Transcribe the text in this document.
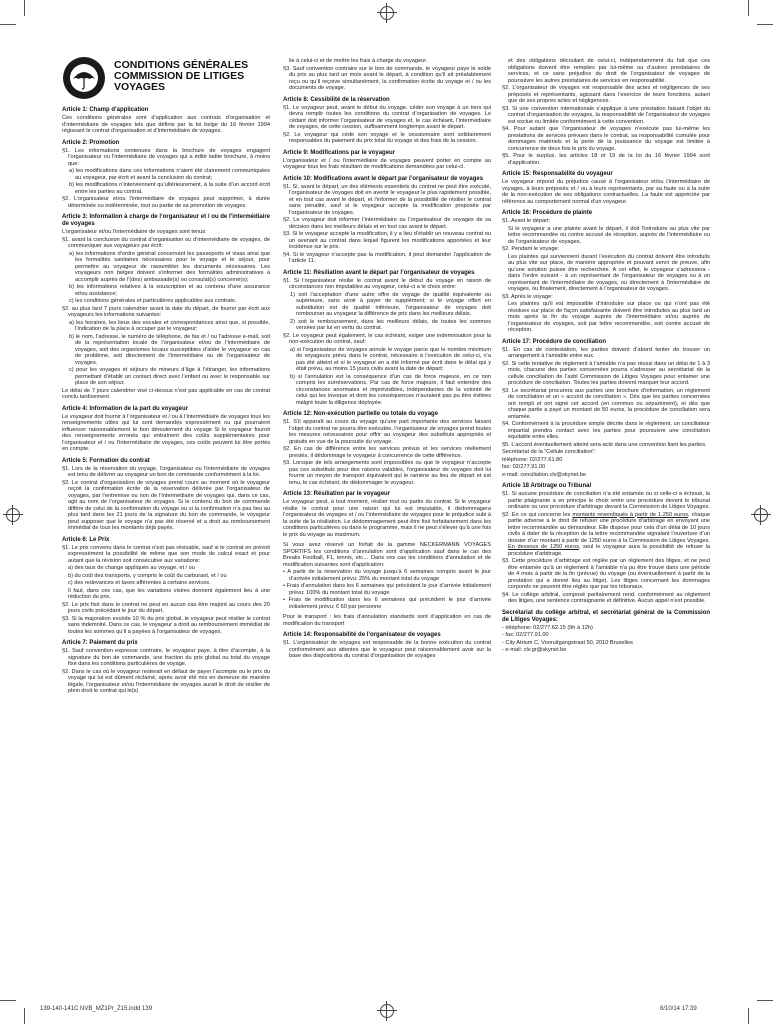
CONDITIONS GÉNÉRALES
COMMISSION DE LITIGES
VOYAGES
Article 1: Champ d’application

Ces conditions générales sont d’application aux contrats d’organisation et d’intermédiaire de voyages tels que définis par la loi belge du 16 février 1994 régissant le contrat d’organisation et d’intermédiaire de voyages.

Article 2: Promotion

§1. Les informations contenues dans la brochure de voyages engagent l’organisateur ou l’intermédiaire de voyages qui a édité ladite brochure, à moins que:

a) les modifications dans ces informations n’aient été clairement communiquées au voyageur, par écrit et avant la conclusion du contrat;

b) les modifications n’interviennent qu’ultérieurement, à la suite d’un accord écrit entre les parties au contrat.

§2. L’organisateur et/ou l’intermédiaire de voyages peut supprimer, à durée déterminée ou indéterminée, tout ou partie de sa promotion de voyages.

Article 3: Information à charge de l’organisateur et / ou de l’intermédiaire de voyages

L’organisateur et/ou l’intermédiaire de voyages sont tenus:

§1. avant la conclusion du contrat d’organisation ou d’intermédiaire de voyages, de communiquer aux voyageurs par écrit:

a) les informations d’ordre général concernant les passeports et visas ainsi que les formalités sanitaires nécessaires pour le voyage et le séjour, pour permettre au voyageur de rassembler les documents nécessaires. Les voyageurs non belges doivent s’informer des formalités administratives à accomplir auprès de l’(des) ambassade(s) ou consulat(s) concerné(s);

b) les informations relatives à la souscription et au contenu d’une assurance et/ou assistance;

c) les conditions générales et particulières applicables aux contrats.

§2. au plus tard 7 jours calendrier avant la date du départ, de fournir par écrit aux voyageurs les informations suivantes:

a) les horaires, les lieux des escales et correspondances ainsi que, si possible, l’indication de la place à occuper par le voyageur;

b) le nom, l’adresse, le numéro de téléphone, de fax et / ou l’adresse e-mail, soit de la représentation locale de l’organisateur et/ou de l’intermédiaire de voyages, soit des organismes locaux susceptibles d’aider le voyageur en cas de problème, soit directement de l’intermédiaire ou de l’organisateur de voyages.

c) pour les voyages et séjours de mineurs d’âge à l’étranger, les informations permettant d’établir un contact direct avec l’enfant ou avec le responsable sur place de son séjour.

Le délai de 7 jours calendrier visé ci-dessus n’est pas applicable en cas de contrat conclu tardivement.

Article 4: Information de la part du voyageur

Le voyageur doit fournir à l’organisateur et / ou à l’intermédiaire de voyages tous les renseignements utiles qui lui sont demandés expressément ou qui pourraient influencer raisonnablement le bon déroulement du voyage Si le voyageur fournit des renseignements erronés qui entraînent des coûts supplémentaires pour l’organisateur et / ou l’intermédiaire de voyages, ces coûts peuvent lui être portés en compte.

Article 5: Formation du contrat

§1. Lors de la réservation du voyage, l’organisateur ou l’intermédiaire de voyages est tenu de délivrer au voyageur un bon de commande conformément à la loi.

§2. Le contrat d’organisation de voyages prend cours au moment où le voyageur reçoit la confirmation écrite de la réservation délivrée par l’organisateur de voyages, par l’entremise ou non de l’intermédiaire de voyages qui, dans ce cas, agit au nom de l’organisateur de voyages. Si le contenu du bon de commande diffère de celui de la confirmation du voyage ou si la confirmation n’a pas lieu au plus tard dans les 21 jours de la signature du bon de commande, le voyageur peut supposer que le voyage n’a pas été réservé et a droit au remboursement immédiat de tous les montants déjà payés.

Article 6: Le Prix

§1. Le prix convenu dans le contrat n’est pas révisable, sauf si le contrat en prévoit expressément la possibilité de même que son mode de calcul exact et pour autant que la révision soit consécutive aux variations:

a) des taux de change appliqués au voyage, et / ou

b) du coût des transports, y compris le coût du carburant, et / ou

c) des redevances et taxes afférentes à certains services.

Il faut, dans ces cas, que les variations visées donnent également lieu à une réduction du prix.

§2. Le prix fixé dans le contrat ne peut en aucun cas être majoré au cours des 20 jours civils précédant le jour du départ.

§3. Si la majoration excède 10 % du prix global, le voyageur peut résilier le contrat sans indemnité. Dans ce cas, le voyageur a droit au remboursement immédiat de toutes les sommes qu’il a payées à l’organisateur de voyages.

Article 7: Paiement du prix

§1. Sauf convention expresse contraire, le voyageur paye, à titre d’acompte, à la signature du bon de commande, une fraction du prix global ou total du voyage fixé dans les conditions particulières de voyage.

§2. Dans le cas où le voyageur resterait en défaut de payer l’acompte ou le prix du voyage qui lui est dûment réclamé, après avoir été mis en demeure de manière légale, l’organisateur et/ou l’intermédiaire de voyages aurait le droit de résilier de plein droit le contrat qui le(s)

lie à celui-ci et de mettre les frais à charge du voyageur.

§3. Sauf convention contraire sur le bon de commande, le voyageur paye le solde du prix au plus tard un mois avant le départ, à condition qu’il ait préalablement reçu ou qu’il reçoive simultanément, la confirmation écrite du voyage et / ou les documents de voyage.

Article 8: Cessibilité de la réservation

§1. Le voyageur peut, avant le début du voyage, céder son voyage à un tiers qui devra remplir toutes les conditions du contrat d’organisation de voyages. Le cédant doit informer l’organisateur de voyages et, le cas échéant, l’intermédiaire de voyages, de cette cession, suffisamment longtemps avant le départ.

§2. Le voyageur qui cède son voyage et le cessionnaire sont solidairement responsables du paiement du prix total du voyage et des frais de la cession.

Article 9: Modifications par le voyageur

L’organisateur et / ou l’intermédiaire de voyages peuvent porter en compte au voyageur tous les frais résultant de modifications demandées par celui-ci.

Article 10: Modifications avant le départ par l’organisateur de voyages

§1. Si, avant le départ, un des éléments essentiels du contrat ne peut être exécuté, l’organisateur de voyages doit en avertir le voyageur le plus rapidement possible, et en tout cas avant le départ, et l’informer de la possibilité de résilier le contrat sans pénalité, sauf si le voyageur accepte la modification proposée par l’organisateur de voyages.

§2. Le voyageur doit informer l’intermédiaire ou l’organisateur de voyages de sa décision dans les meilleurs délais et en tout cas avant le départ.

§3. Si le voyageur accepte la modification, il y a lieu d’établir un nouveau contrat ou un avenant au contrat dans lequel figurent les modifications apportées et leur incidence sur le prix.

§4. Si le voyageur n’accepte pas la modification, il peut demander l’application de l’article 11.

Article 11: Résiliation avant le départ par l’organisateur de voyages

§1. Si l’organisateur résilie le contrat avant le début du voyage en raison de circonstances non imputables au voyageur, celui-ci a le choix entre:

1) soit l’acceptation d’une autre offre de voyage de qualité équivalente ou supérieure, sans avoir à payer de supplément; si le voyage offert en substitution est de qualité inférieure, l’organisateur de voyages doit rembourser au voyageur la différence de prix dans les meilleurs délais.

2) soit le remboursement, dans les meilleurs délais, de toutes les sommes versées par lui en vertu du contrat.

§2. Le voyageur peut également, le cas échéant, exiger une indemnisation pour la non-exécution du contrat, sauf:

a) si l’organisateur de voyages annule le voyage parce que le nombre minimum de voyageurs prévu dans le contrat, nécessaire à l’exécution de celui-ci, n’a pas été atteint et si le voyageur en a été informé par écrit dans le délai qui y était prévu, au moins 15 jours civils avant la date de départ;

b) si l’annulation est la conséquence d’un cas de force majeure, en ce non compris les surréservations. Par cas de force majeure, il faut entendre des circonstances anormales et imprévisibles, indépendantes de la volonté de celui qui les invoque et dont les conséquences n’auraient pas pu être évitées malgré toute la diligence déployée.

Article 12: Non-exécution partielle ou totale du voyage

§1. S’il apparaît au cours du voyage qu’une part importante des services faisant l’objet du contrat ne pourra être exécutée, l’organisateur de voyages prend toutes les mesures nécessaires pour offrir au voyageur des substituts appropriés et gratuits en vue de la poursuite du voyage.

§2. En cas de différence entre les services prévus et les services réellement prestés, il dédommage le voyageur à concurrence de cette différence.

§3. Lorsque de tels arrangements sont impossibles ou que le voyageur n’accepte pas ces substituts pour des raisons valables, l’organisateur de voyages doit lui fournir un moyen de transport équivalent qui le ramène au lieu de départ et est tenu, le cas échéant, de dédommager le voyageur.

Article 13: Résiliation par le voyageur

Le voyageur peut, à tout moment, résilier tout ou partie du contrat. Si le voyageur résilie le contrat pour une raison qui lui est imputable, il dédommagera l’organisateur de voyages et / ou l’intermédiaire de voyages pour le préjudice subi à la suite de la résiliation. Le dédommagement peut être fixé forfaitairement dans les conditions particulières ou dans le programme, mais il ne peut s’élever qu’à une fois le prix du voyage au maximum.

Si vous avez réservé un forfait de la gamme NECKERMANN VOYAGES SPORTIFS les conditions d’annulation sont d’application sauf dans le cas des Breaks Football, F1, tennis, etc… Dans ces cas les conditions d’annulation et de modification suivantes sont d’application:

• A partir de la réservation du voyage jusqu’à 6 semaines compris avant le jour d’arrivée initialement prévu: 25% du montant total du voyage

• Frais d’annulation dans les 6 semaines qui précèdent le jour d’arrivée initialement prévu: 100% du montant total du voyage

• Frais de modification dans les 6 semaines qui précèdent le jour d’arrivée initialement prévu: € 60 par personne

Pour le transport : les frais d’annulation standards sont d’application en cas de modification du transport

Article 14: Responsabilité de l’organisateur de voyages

§1. L’organisateur de voyages est responsable de la bonne exécution du contrat conformément aux attentes que le voyageur peut raisonnablement avoir sur la base des dispositions du contrat d’organisation de voyages

et des obligations découlant de celui-ci, indépendamment du fait que ces obligations doivent être remplies par lui-même ou d’autres prestataires de services, et ce sans préjudice du droit de l’organisateur de voyages de poursuivre les autres prestataires de services en responsabilité.

§2. L’organisateur de voyages est responsable des actes et négligences de ses préposés et représentants, agissant dans l’exercice de leurs fonctions, autant que de ses propres actes et négligences.

§3. Si une convention internationale s’applique à une prestation faisant l’objet du contrat d’organisation de voyages, la responsabilité de l’organisateur de voyages est exclue ou limitée conformément à cette convention.

§4. Pour autant que l’organisateur de voyages n’exécute pas lui-même les prestations de services prévues dans le contrat, sa responsabilité cumulée pour dommages matériels et la perte de la jouissance du voyage est limitée à concurrence de deux fois le prix du voyage.

§5. Pour le surplus, les articles 18 et 19 de la loi du 16 février 1994 sont d’application.

Article 15: Responsabilité du voyageur

Le voyageur répond du préjudice causé à l’organisateur et/ou l’intermédiaire de voyages, à leurs préposés et / ou à leurs représentants, par sa faute ou à la suite de la non-exécution de ses obligations contractuelles. La faute est appréciée par référence au comportement normal d’un voyageur.

Article 16: Procédure de plainte

§1. Avant le départ:

Si le voyageur a une plainte avant le départ, il doit l’introduire au plus vite par lettre recommandée ou contre accusé de réception, auprès de l’intermédiaire ou de l’organisateur de voyages.

§2. Pendant le voyage:

Les plaintes qui surviennent durant l’exécution du contrat doivent être introduits au plus vite sur place, de manière appropriée et pouvant servir de preuve, afin qu’une solution puisse être recherchée. A cet effet, le voyageur s’adressera - dans l’ordre suivant - à un représentant de l’organisateur de voyages ou à un représentant de l’intermédiaire de voyages, ou directement à l’intermédiaire de voyages, ou finalement, directement à l’organisateur de voyages.

§3. Après le voyage:

Les plaintes qu’il est impossible d’introduire sur place ou qui n’ont pas été résolues sur place de façon satisfaisante doivent être introduites au plus tard un mois après la fin du voyage auprès de l’intermédiaire et/ou auprès de l’organisateur de voyages, soit par lettre recommandée, soit contre accusé de réception.

Article 17: Procédure de conciliation

§1. En cas de contestation, les parties doivent d’abord tenter de trouver un arrangement à l’amiable entre eux.

§2. Si cette tentative de règlement à l’amiable n’a pas réussi dans un délai de 1 à 3 mois, chacune des parties concernées pourra s’adresser au secrétariat de la cellule conciliation de l’asbl Commission de Litiges Voyages pour entamer une procédure de conciliation. Toutes les parties doivent marquer leur accord.

§3. Le secrétariat procurera aux parties une brochure d’information, un règlement de conciliation et un « accord de conciliation ». Dès que les parties concernées ont rempli et ont signé cet accord (en commun ou séparément), et dès que chaque partie a payé un montant de 50 euros, la procédure de conciliation sera entamée.

§4. Conformément à la procédure simple décrite dans le règlement, un conciliateur impartial prendra contact avec les parties pour poursuivre une conciliation équitable entre elles.

§5. L’accord éventuellement atteint sera acté dans une convention liant les parties.

Secrétariat de la “Cellule conciliation”:

téléphone: 02/277.61.80

fax: 02/277.91.00

e-mail: conciliation.clv@skynet.be

Article 18 Arbitrage ou Tribunal

§1. Si aucune procédure de conciliation n’a été entamée ou si celle-ci a échoué, la partie plaignante a en principe le choix entre une procédure devant le tribunal ordinaire ou une procédure d’arbitrage devant la Commission de Litiges Voyages.

§2. En ce qui concerne les montants revendiqués à partir de 1.250 euros, chaque partie adverse a le droit de refuser une procédure d’arbitrage en envoyant une lettre recommandée au demandeur. Elle dispose pour cela d’un délai de 10 jours civils à dater de la réception de la lettre recommandée signalant l’ouverture d’un dossier d’un montant à partir de 1250 euros à la Commission de Litiges Voyages. En dessous de 1250 euros, seul le voyageur aura la possibilité de refuser la procédure d’arbitrage.

§3. Cette procédure d’arbitrage est réglée par un règlement des litiges, et ne peut être entamée qu’à un règlement à l’amiable n’a pu être trouvé dans une période de 4 mois à partir de la fin (prévue) du voyage (ou éventuellement à partir de la prestation qui a donné lieu au litige). Les litiges concernant les dommages corporels ne peuvent être réglés que par les tribunaux.

§4. Le collège arbitral, composé paritairement rend, conformément au règlement des litiges, une sentence contraignante et définitive. Aucun appel n’est possible.

Secrétariat du collège arbitral, et secrétariat général de la Commission de Litiges Voyages:

- téléphone: 02/277.62.15 (9h à 12h)

- fax: 02/277.91.00

- City Atrium C, Vooruitgangstraat 50, 2010 Bruxelles

- e-mail: clv.gr@skynet.be

139-140-141C NVB_MZ1Pr_Z15.indd 139	8/10/14 17:39
